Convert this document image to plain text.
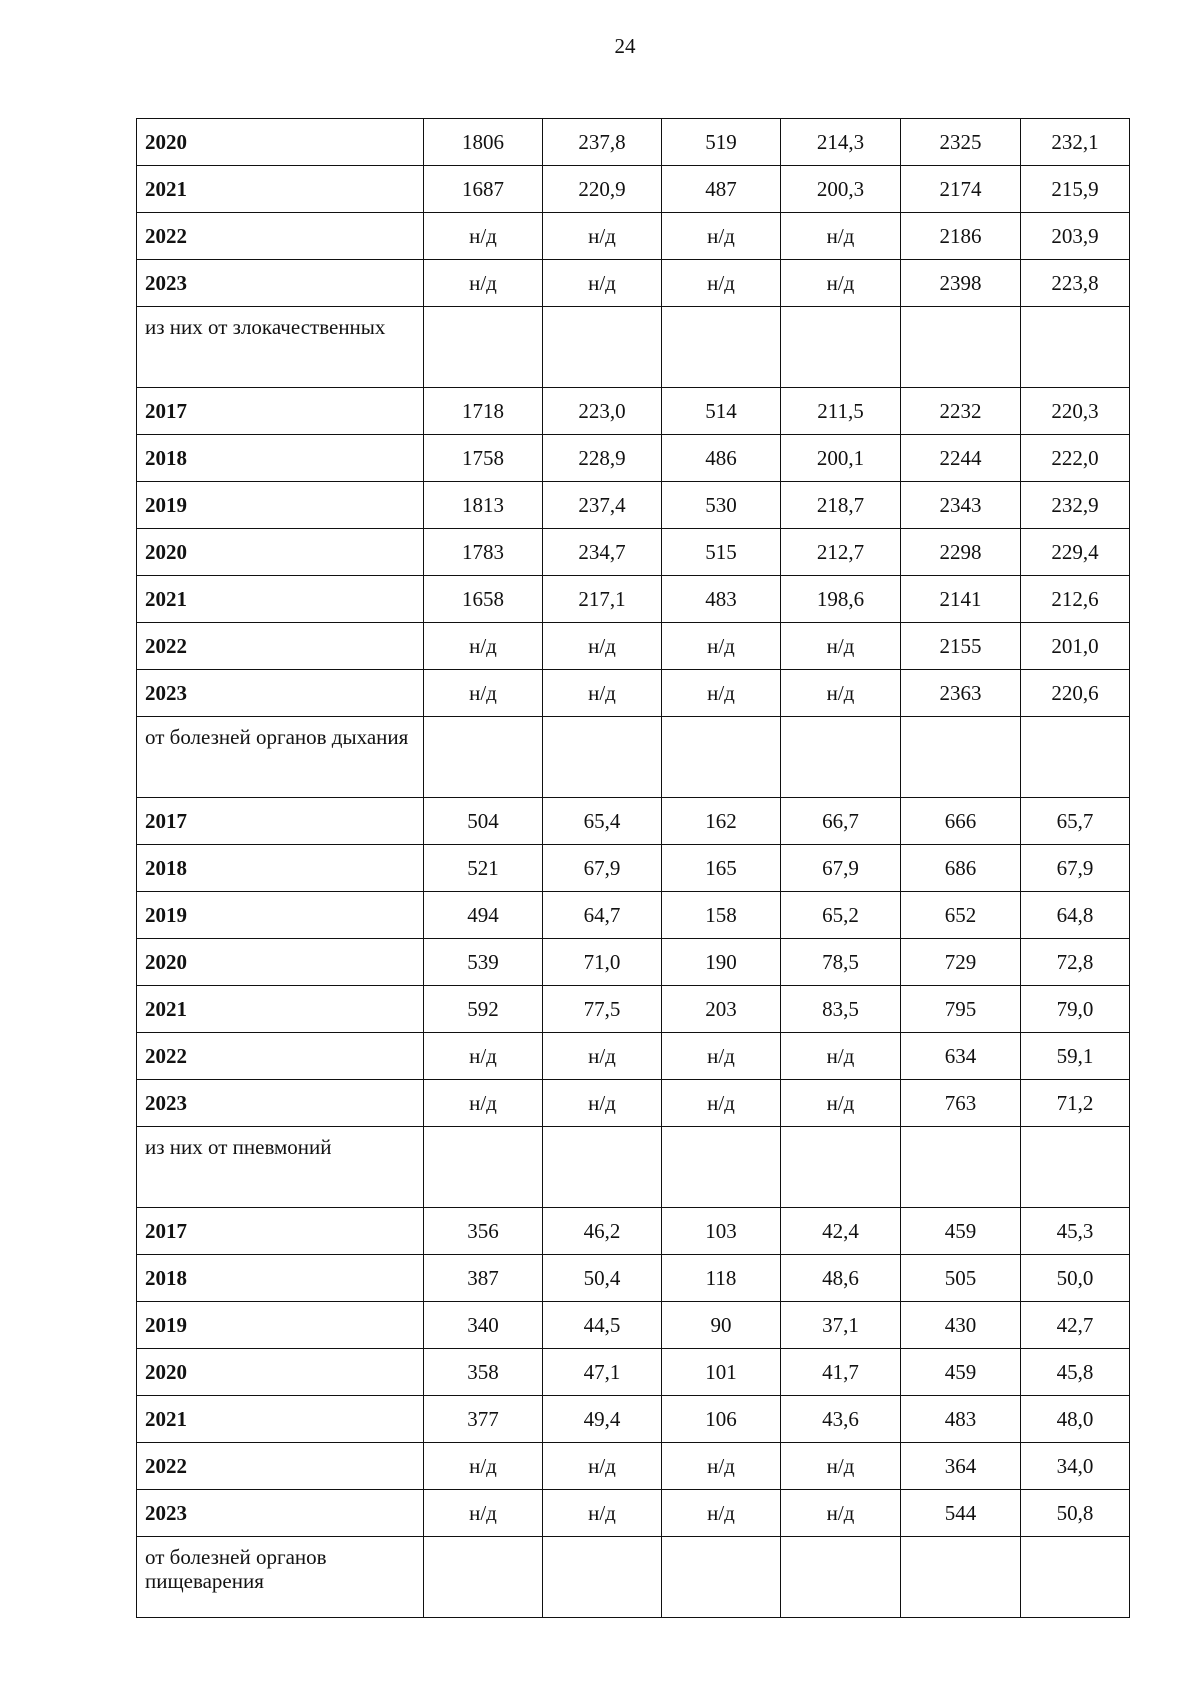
24
2020	1806	237,8	519	214,3	2325	232,1
2021	1687	220,9	487	200,3	2174	215,9
2022	н/д	н/д	н/д	н/д	2186	203,9
2023	н/д	н/д	н/д	н/д	2398	223,8
из них от злокачественных						
2017	1718	223,0	514	211,5	2232	220,3
2018	1758	228,9	486	200,1	2244	222,0
2019	1813	237,4	530	218,7	2343	232,9
2020	1783	234,7	515	212,7	2298	229,4
2021	1658	217,1	483	198,6	2141	212,6
2022	н/д	н/д	н/д	н/д	2155	201,0
2023	н/д	н/д	н/д	н/д	2363	220,6
от болезней органов дыхания						
2017	504	65,4	162	66,7	666	65,7
2018	521	67,9	165	67,9	686	67,9
2019	494	64,7	158	65,2	652	64,8
2020	539	71,0	190	78,5	729	72,8
2021	592	77,5	203	83,5	795	79,0
2022	н/д	н/д	н/д	н/д	634	59,1
2023	н/д	н/д	н/д	н/д	763	71,2
из них от пневмоний						
2017	356	46,2	103	42,4	459	45,3
2018	387	50,4	118	48,6	505	50,0
2019	340	44,5	90	37,1	430	42,7
2020	358	47,1	101	41,7	459	45,8
2021	377	49,4	106	43,6	483	48,0
2022	н/д	н/д	н/д	н/д	364	34,0
2023	н/д	н/д	н/д	н/д	544	50,8
от болезней органов пищеварения						
